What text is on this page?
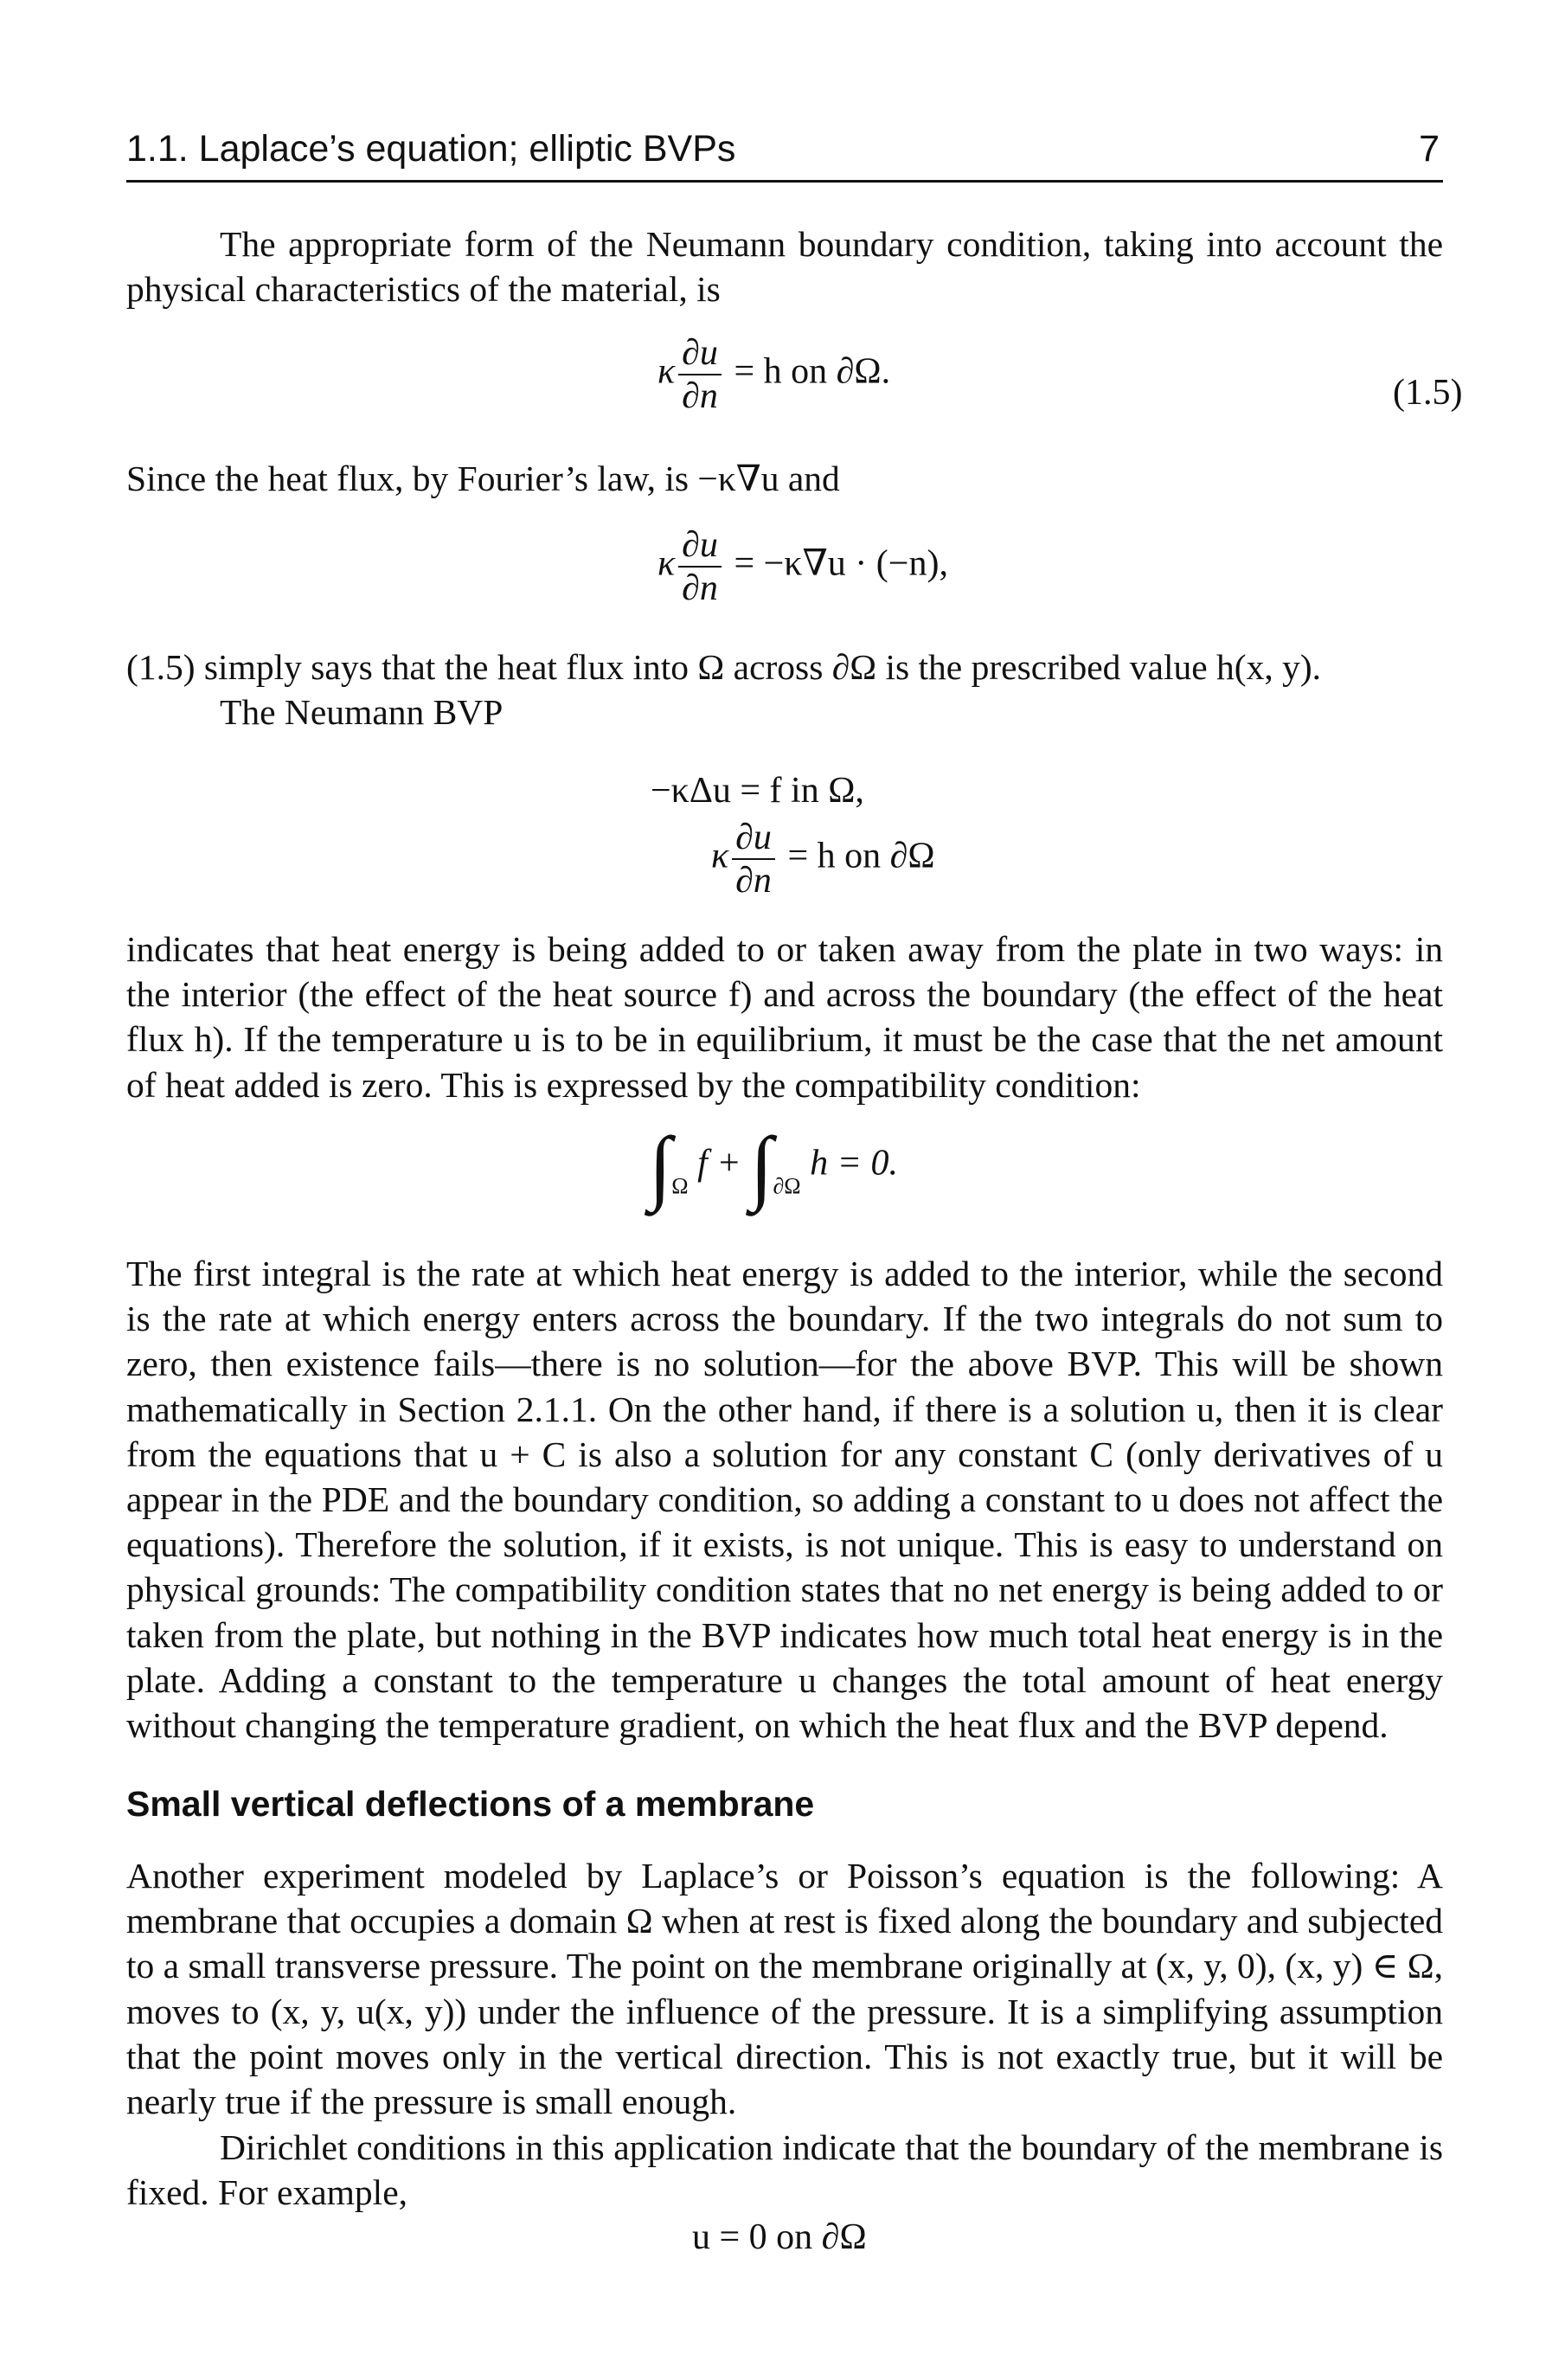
1.1. Laplace’s equation; elliptic BVPs	7

The appropriate form of the Neumann boundary condition, taking into account the physical characteristics of the material, is

κ $\frac{\partial u}{\partial n} = h$ on ∂Ω.
(1.5)

Since the heat flux, by Fourier’s law, is −κ∇u and

κ $\frac{\partial u}{\partial n} = -\kappa\nabla u \cdot (-n)$,

(1.5) simply says that the heat flux into Ω across ∂Ω is the prescribed value h(x, y).

The Neumann BVP

−κΔu = f in Ω,
κ $\frac{\partial u}{\partial n} = h$ on ∂Ω

indicates that heat energy is being added to or taken away from the plate in two ways: in the interior (the effect of the heat source f) and across the boundary (the effect of the heat flux h). If the temperature u is to be in equilibrium, it must be the case that the net amount of heat added is zero. This is expressed by the compatibility condition:

$\int_\Omega$ $f + \int_{\partial\Omega}$ h = 0.

The first integral is the rate at which heat energy is added to the interior, while the second is the rate at which energy enters across the boundary. If the two integrals do not sum to zero, then existence fails—there is no solution—for the above BVP. This will be shown mathematically in Section 2.1.1. On the other hand, if there is a solution u, then it is clear from the equations that u + C is also a solution for any constant C (only derivatives of u appear in the PDE and the boundary condition, so adding a constant to u does not affect the equations). Therefore the solution, if it exists, is not unique. This is easy to understand on physical grounds: The compatibility condition states that no net energy is being added to or taken from the plate, but nothing in the BVP indicates how much total heat energy is in the plate. Adding a constant to the temperature u changes the total amount of heat energy without changing the temperature gradient, on which the heat flux and the BVP depend.

Small vertical deflections of a membrane

Another experiment modeled by Laplace’s or Poisson’s equation is the following: A membrane that occupies a domain Ω when at rest is fixed along the boundary and subjected to a small transverse pressure. The point on the membrane originally at (x, y, 0), (x, y) ∈ Ω, moves to (x, y, u(x, y)) under the influence of the pressure. It is a simplifying assumption that the point moves only in the vertical direction. This is not exactly true, but it will be nearly true if the pressure is small enough.

Dirichlet conditions in this application indicate that the boundary of the membrane is fixed. For example,

u = 0 on ∂Ω
